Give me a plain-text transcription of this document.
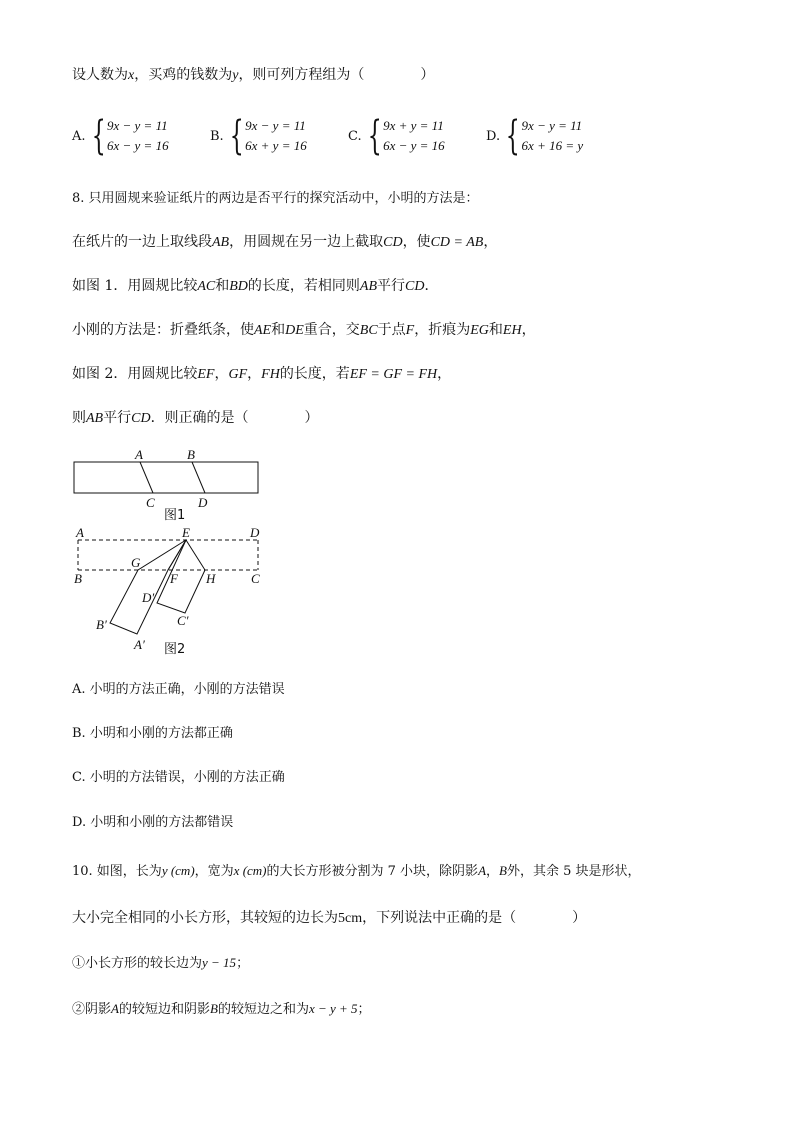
设人数为x，买鸡的钱数为y，则可列方程组为（　　　　）
A. { 9x − y = 11
6x − y = 16
B. { 9x − y = 11
6x + y = 16
C. { 9x + y = 11
6x − y = 16
D. { 9x − y = 11
6x + 16 = y
8. 只用圆规来验证纸片的两边是否平行的探究活动中，小明的方法是：
在纸片的一边上取线段AB，用圆规在另一边上截取CD，使CD = AB，
如图 1．用圆规比较AC和BD的长度，若相同则AB平行CD．
小刚的方法是：折叠纸条，使AE和DE重合，交BC于点F，折痕为EG和EH，
如图 2．用圆规比较EF，GF，FH的长度，若EF = GF = FH，
则AB平行CD．则正确的是（　　　　）
A	B
C	D
图1
A	E	D
B	C
G
F H
D′
B′
A′
C′
图2
A. 小明的方法正确，小刚的方法错误
B. 小明和小刚的方法都正确
C. 小明的方法错误，小刚的方法正确
D. 小明和小刚的方法都错误
10. 如图，长为y (cm)，宽为x (cm)的大长方形被分割为 7 小块，除阴影A，B外，其余 5 块是形状，
大小完全相同的小长方形，其较短的边长为5cm，下列说法中正确的是（　　　　）
①小长方形的较长边为y − 15；
②阴影A的较短边和阴影B的较短边之和为x − y + 5；
